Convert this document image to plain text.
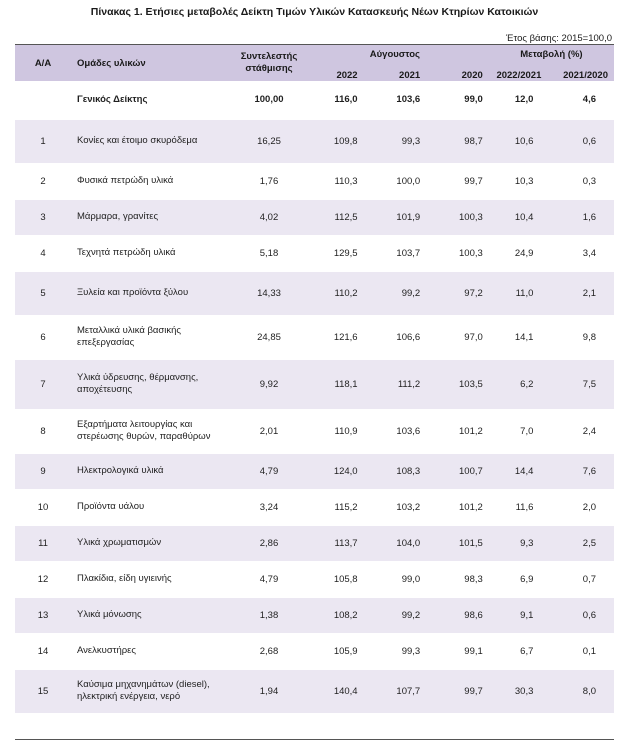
Πίνακας 1. Ετήσιες μεταβολές Δείκτη Τιμών Υλικών Κατασκευής Νέων Κτηρίων Κατοικιών
Έτος βάσης: 2015=100,0
Α/Α	Ομάδες υλικών	Συντελεστής στάθμισης	Αύγουστος			Μεταβολή (%)	
			2022	2021	2020	2022/2021	2021/2020
	Γενικός Δείκτης	100,00	116,0	103,6	99,0	12,0	4,6
1	Κονίες και έτοιμο σκυρόδεμα	16,25	109,8	99,3	98,7	10,6	0,6
2	Φυσικά πετρώδη υλικά	1,76	110,3	100,0	99,7	10,3	0,3
3	Μάρμαρα, γρανίτες	4,02	112,5	101,9	100,3	10,4	1,6
4	Τεχνητά πετρώδη υλικά	5,18	129,5	103,7	100,3	24,9	3,4
5	Ξυλεία και προϊόντα ξύλου	14,33	110,2	99,2	97,2	11,0	2,1
6	Μεταλλικά υλικά βασικής επεξεργασίας	24,85	121,6	106,6	97,0	14,1	9,8
7	Υλικά ύδρευσης, θέρμανσης, αποχέτευσης	9,92	118,1	111,2	103,5	6,2	7,5
8	Εξαρτήματα λειτουργίας και στερέωσης θυρών, παραθύρων	2,01	110,9	103,6	101,2	7,0	2,4
9	Ηλεκτρολογικά υλικά	4,79	124,0	108,3	100,7	14,4	7,6
10	Προϊόντα υάλου	3,24	115,2	103,2	101,2	11,6	2,0
11	Υλικά χρωματισμών	2,86	113,7	104,0	101,5	9,3	2,5
12	Πλακίδια, είδη υγιεινής	4,79	105,8	99,0	98,3	6,9	0,7
13	Υλικά μόνωσης	1,38	108,2	99,2	98,6	9,1	0,6
14	Ανελκυστήρες	2,68	105,9	99,3	99,1	6,7	0,1
15	Καύσιμα μηχανημάτων (diesel), ηλεκτρική ενέργεια, νερό	1,94	140,4	107,7	99,7	30,3	8,0
